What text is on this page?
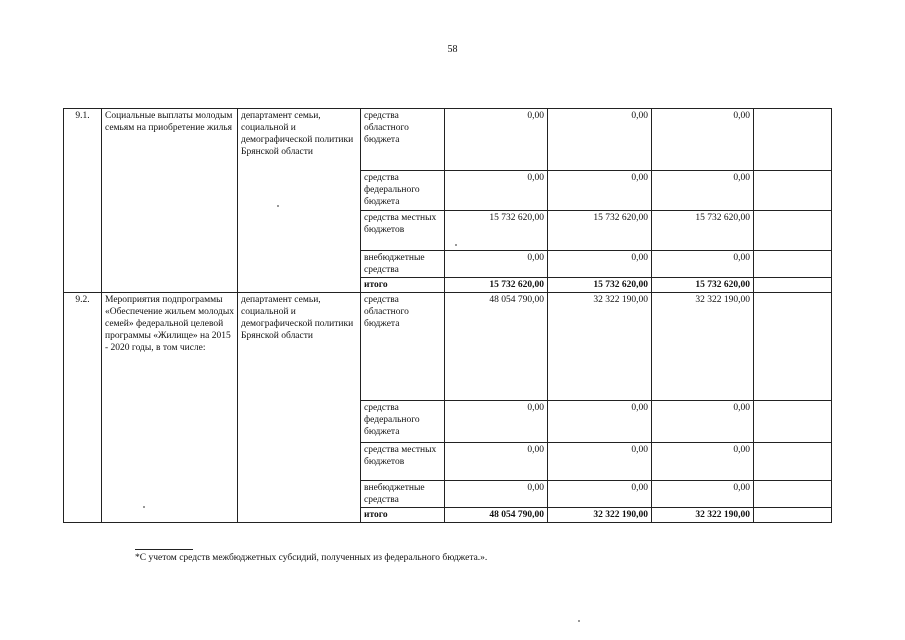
58
9.1.	Социальные выплаты молодым семьям на приобретение жилья	департамент семьи, социальной и демографической политики Брянской области	средства областного бюджета	0,00	0,00	0,00	
			средства федерального бюджета	0,00	0,00	0,00	
			средства местных бюджетов	15 732 620,00	15 732 620,00	15 732 620,00	
			внебюджетные средства	0,00	0,00	0,00	
			итого	15 732 620,00	15 732 620,00	15 732 620,00	
9.2.	Мероприятия подпрограммы «Обеспечение жильем молодых семей» федеральной целевой программы «Жилище» на 2015 - 2020 годы, в том числе:	департамент семьи, социальной и демографической политики Брянской области	средства областного бюджета	48 054 790,00	32 322 190,00	32 322 190,00	
			средства федерального бюджета	0,00	0,00	0,00	
			средства местных бюджетов	0,00	0,00	0,00	
			внебюджетные средства	0,00	0,00	0,00	
			итого	48 054 790,00	32 322 190,00	32 322 190,00	
*С учетом средств межбюджетных субсидий, полученных из федерального бюджета.».
